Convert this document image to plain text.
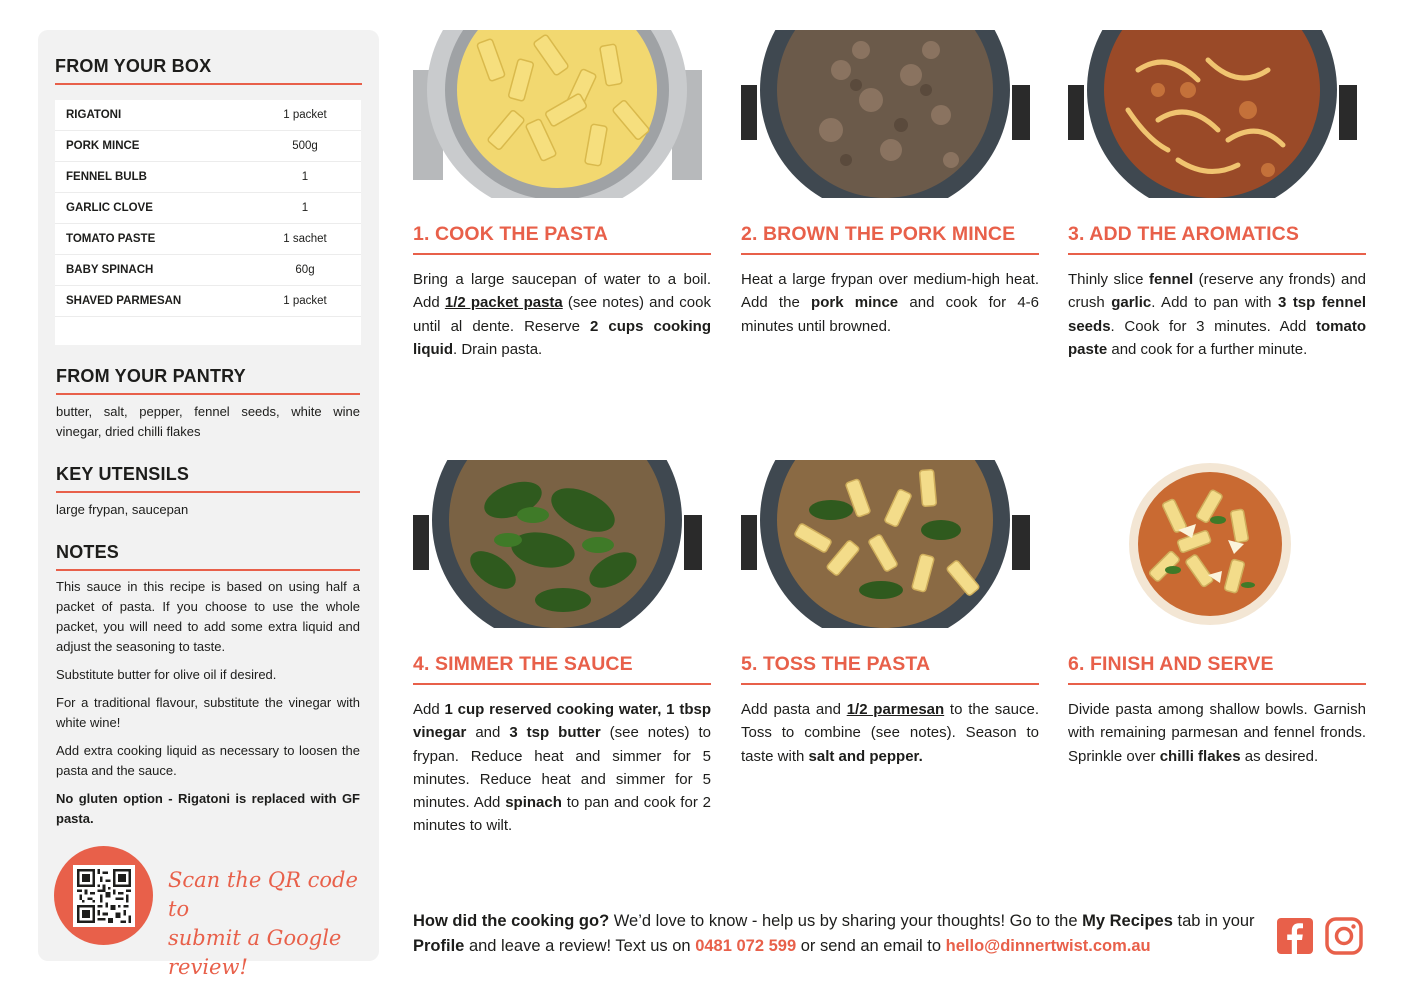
FROM YOUR BOX
RIGATONI	1 packet
PORK MINCE	500g
FENNEL BULB	1
GARLIC CLOVE	1
TOMATO PASTE	1 sachet
BABY SPINACH	60g
SHAVED PARMESAN	1 packet
FROM YOUR PANTRY
butter, salt, pepper, fennel seeds, white wine vinegar, dried chilli flakes
KEY UTENSILS
large frypan, saucepan
NOTES

This sauce in this recipe is based on using half a packet of pasta. If you choose to use the whole packet, you will need to add some extra liquid and adjust the seasoning to taste.

Substitute butter for olive oil if desired.

For a traditional flavour, substitute the vinegar with white wine!

Add extra cooking liquid as necessary to loosen the pasta and the sauce.

No gluten option - Rigatoni is replaced with GF pasta.

Scan the QR code to
submit a Google review!
1. COOK THE PASTA
Bring a large saucepan of water to a boil. Add 1/2 packet pasta (see notes) and cook until al dente. Reserve 2 cups cooking liquid. Drain pasta.
2. BROWN THE PORK MINCE
Heat a large frypan over medium-high heat. Add the pork mince and cook for 4-6 minutes until browned.
3. ADD THE AROMATICS
Thinly slice fennel (reserve any fronds) and crush garlic. Add to pan with 3 tsp fennel seeds. Cook for 3 minutes. Add tomato paste and cook for a further minute.
4. SIMMER THE SAUCE
Add 1 cup reserved cooking water, 1 tbsp vinegar and 3 tsp butter (see notes) to frypan. Reduce heat and simmer for 5 minutes. Reduce heat and simmer for 5 minutes. Add spinach to pan and cook for 2 minutes to wilt.
5. TOSS THE PASTA
Add pasta and 1/2 parmesan to the sauce. Toss to combine (see notes). Season to taste with salt and pepper.
6. FINISH AND SERVE
Divide pasta among shallow bowls. Garnish with remaining parmesan and fennel fronds. Sprinkle over chilli flakes as desired.
How did the cooking go? We’d love to know - help us by sharing your thoughts! Go to the My Recipes tab in your Profile and leave a review! Text us on 0481 072 599 or send an email to hello@dinnertwist.com.au
